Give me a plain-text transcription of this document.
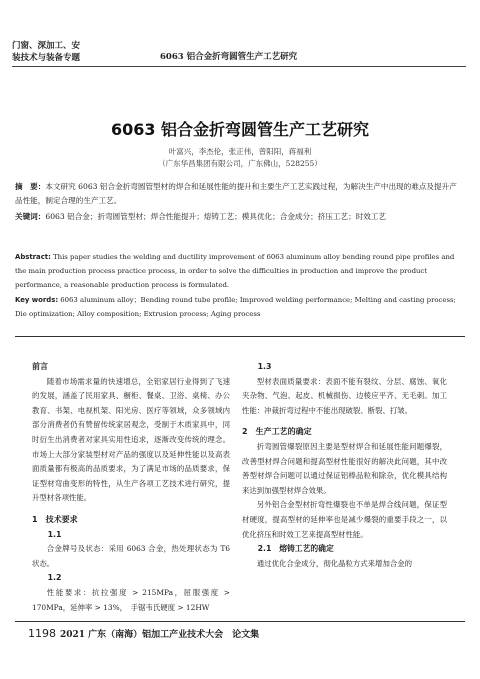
门窗、深加工、安
装技术与装备专题	6063 铝合金折弯圆管生产工艺研究
6063 铝合金折弯圆管生产工艺研究
叶富兴，李杰伦，张正伟，曾阳阳，蒋福利
（广东华昌集团有限公司，广东佛山，528255）
摘　要：本文研究 6063 铝合金折弯圆管型材的焊合和延展性能的提升和主要生产工艺实践过程，为解决生产中出现的难点及提升产品性能，制定合理的生产工艺。
关键词：6063 铝合金；折弯圆管型材；焊合性能提升；熔铸工艺；模具优化；合金成分；挤压工艺；时效工艺
Abstract: This paper studies the welding and ductility improvement of 6063 aluminum alloy bending round pipe profiles and the main production process practice process, in order to solve the difficulties in production and improve the product performance, a reasonable production process is formulated.
Key words: 6063 aluminum alloy；Bending round tube profile; Improved welding performance; Melting and casting process; Die optimization; Alloy composition; Extrusion process; Aging process
前言

随着市场需求量的快速增总，全铝家居行业得到了飞速的发展，涵盖了民用家具、橱柜、餐桌、卫浴、桌椅、办公教育、书架、电视机架、阳光房、医疗等领域，众多领域内部分消费者仍有赞留传统家居观念，受制于木质家具中，同时衍生出消费者对家具实用性追求，逐渐改变传统的理念。市场上大部分家装型材对产品的强度以及延伸性能以及高表面质量都有极高的品质要求，为了满足市场的品质要求，保证型材弯曲变形的特性，从生产各项工艺技术进行研究，提升型材各项性能。

1　技术要求
1.1

合金牌号及状态：采用 6063 合金，热处理状态为 T6 状态。

1.2

性能要求：抗拉强度 > 215MPa，屈服强度 > 170MPa，延伸率 > 13%，　手锯韦氏硬度 > 12HW

1.3

型材表面质量要求：表面不能有裂纹、分层、腐蚀、氧化夹杂物、气泡、起皮、机械损伤、边棱应平齐、无毛刺。加工性能：冲裁折弯过程中不能出现破裂、断裂、打皱。

2　生产工艺的确定

折弯圆管爆裂原因主要是型材焊合和延展性能问题爆裂，改善型材焊合问题和提高型材性能很好的解决此问题，其中改善型材焊合问题可以通过保证铝棒品粒和除杂，优化模具结构来达到加强型材焊合效果。

另外铝合金型材折弯性爆裂也不单是焊合线问题，保证型材硬度，提高型材的延伸率也是减少爆裂的重要手段之一，以优化挤压和时效工艺来提高型材性能。

2.1　熔铸工艺的确定

通过优化合金成分，彻化晶粒方式来增加合金的

1198 2021 广东（南海）铝加工产业技术大会　论文集
